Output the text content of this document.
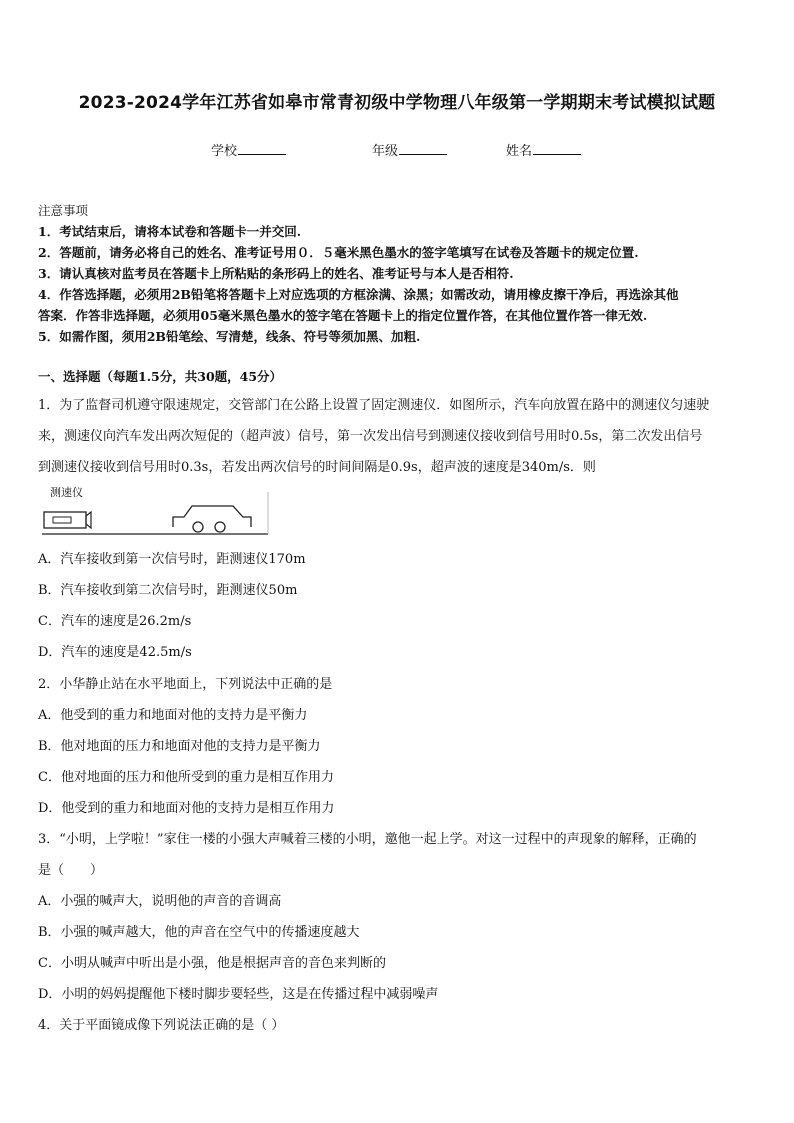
2023-2024学年江苏省如皋市常青初级中学物理八年级第一学期期末考试模拟试题
学校	年级	姓名
注意事项
1．考试结束后，请将本试卷和答题卡一并交回.
2．答题前，请务必将自己的姓名、准考证号用０．５毫米黑色墨水的签字笔填写在试卷及答题卡的规定位置.
3．请认真核对监考员在答题卡上所粘贴的条形码上的姓名、准考证号与本人是否相符.
4．作答选择题，必须用2B铅笔将答题卡上对应选项的方框涂满、涂黑；如需改动，请用橡皮擦干净后，再选涂其他
答案．作答非选择题，必须用05毫米黑色墨水的签字笔在答题卡上的指定位置作答，在其他位置作答一律无效.
5．如需作图，须用2B铅笔绘、写清楚，线条、符号等须加黑、加粗.
一、选择题（每题1.5分，共30题，45分）

1．为了监督司机遵守限速规定，交管部门在公路上设置了固定测速仪．如图所示，汽车向放置在路中的测速仪匀速驶

来，测速仪向汽车发出两次短促的（超声波）信号，第一次发出信号到测速仪接收到信号用时0.5s，第二次发出信号

到测速仪接收到信号用时0.3s，若发出两次信号的时间间隔是0.9s，超声波的速度是340m/s．则

测速仪

A．汽车接收到第一次信号时，距测速仪170m

B．汽车接收到第二次信号时，距测速仪50m

C．汽车的速度是26.2m/s

D．汽车的速度是42.5m/s

2．小华静止站在水平地面上，下列说法中正确的是

A．他受到的重力和地面对他的支持力是平衡力

B．他对地面的压力和地面对他的支持力是平衡力

C．他对地面的压力和他所受到的重力是相互作用力

D．他受到的重力和地面对他的支持力是相互作用力

3．“小明，上学啦！”家住一楼的小强大声喊着三楼的小明，邀他一起上学。对这一过程中的声现象的解释，正确的

是（　　）

A．小强的喊声大，说明他的声音的音调高

B．小强的喊声越大，他的声音在空气中的传播速度越大

C．小明从喊声中听出是小强，他是根据声音的音色来判断的

D．小明的妈妈提醒他下楼时脚步要轻些，这是在传播过程中减弱噪声

4．关于平面镜成像下列说法正确的是（ ）
